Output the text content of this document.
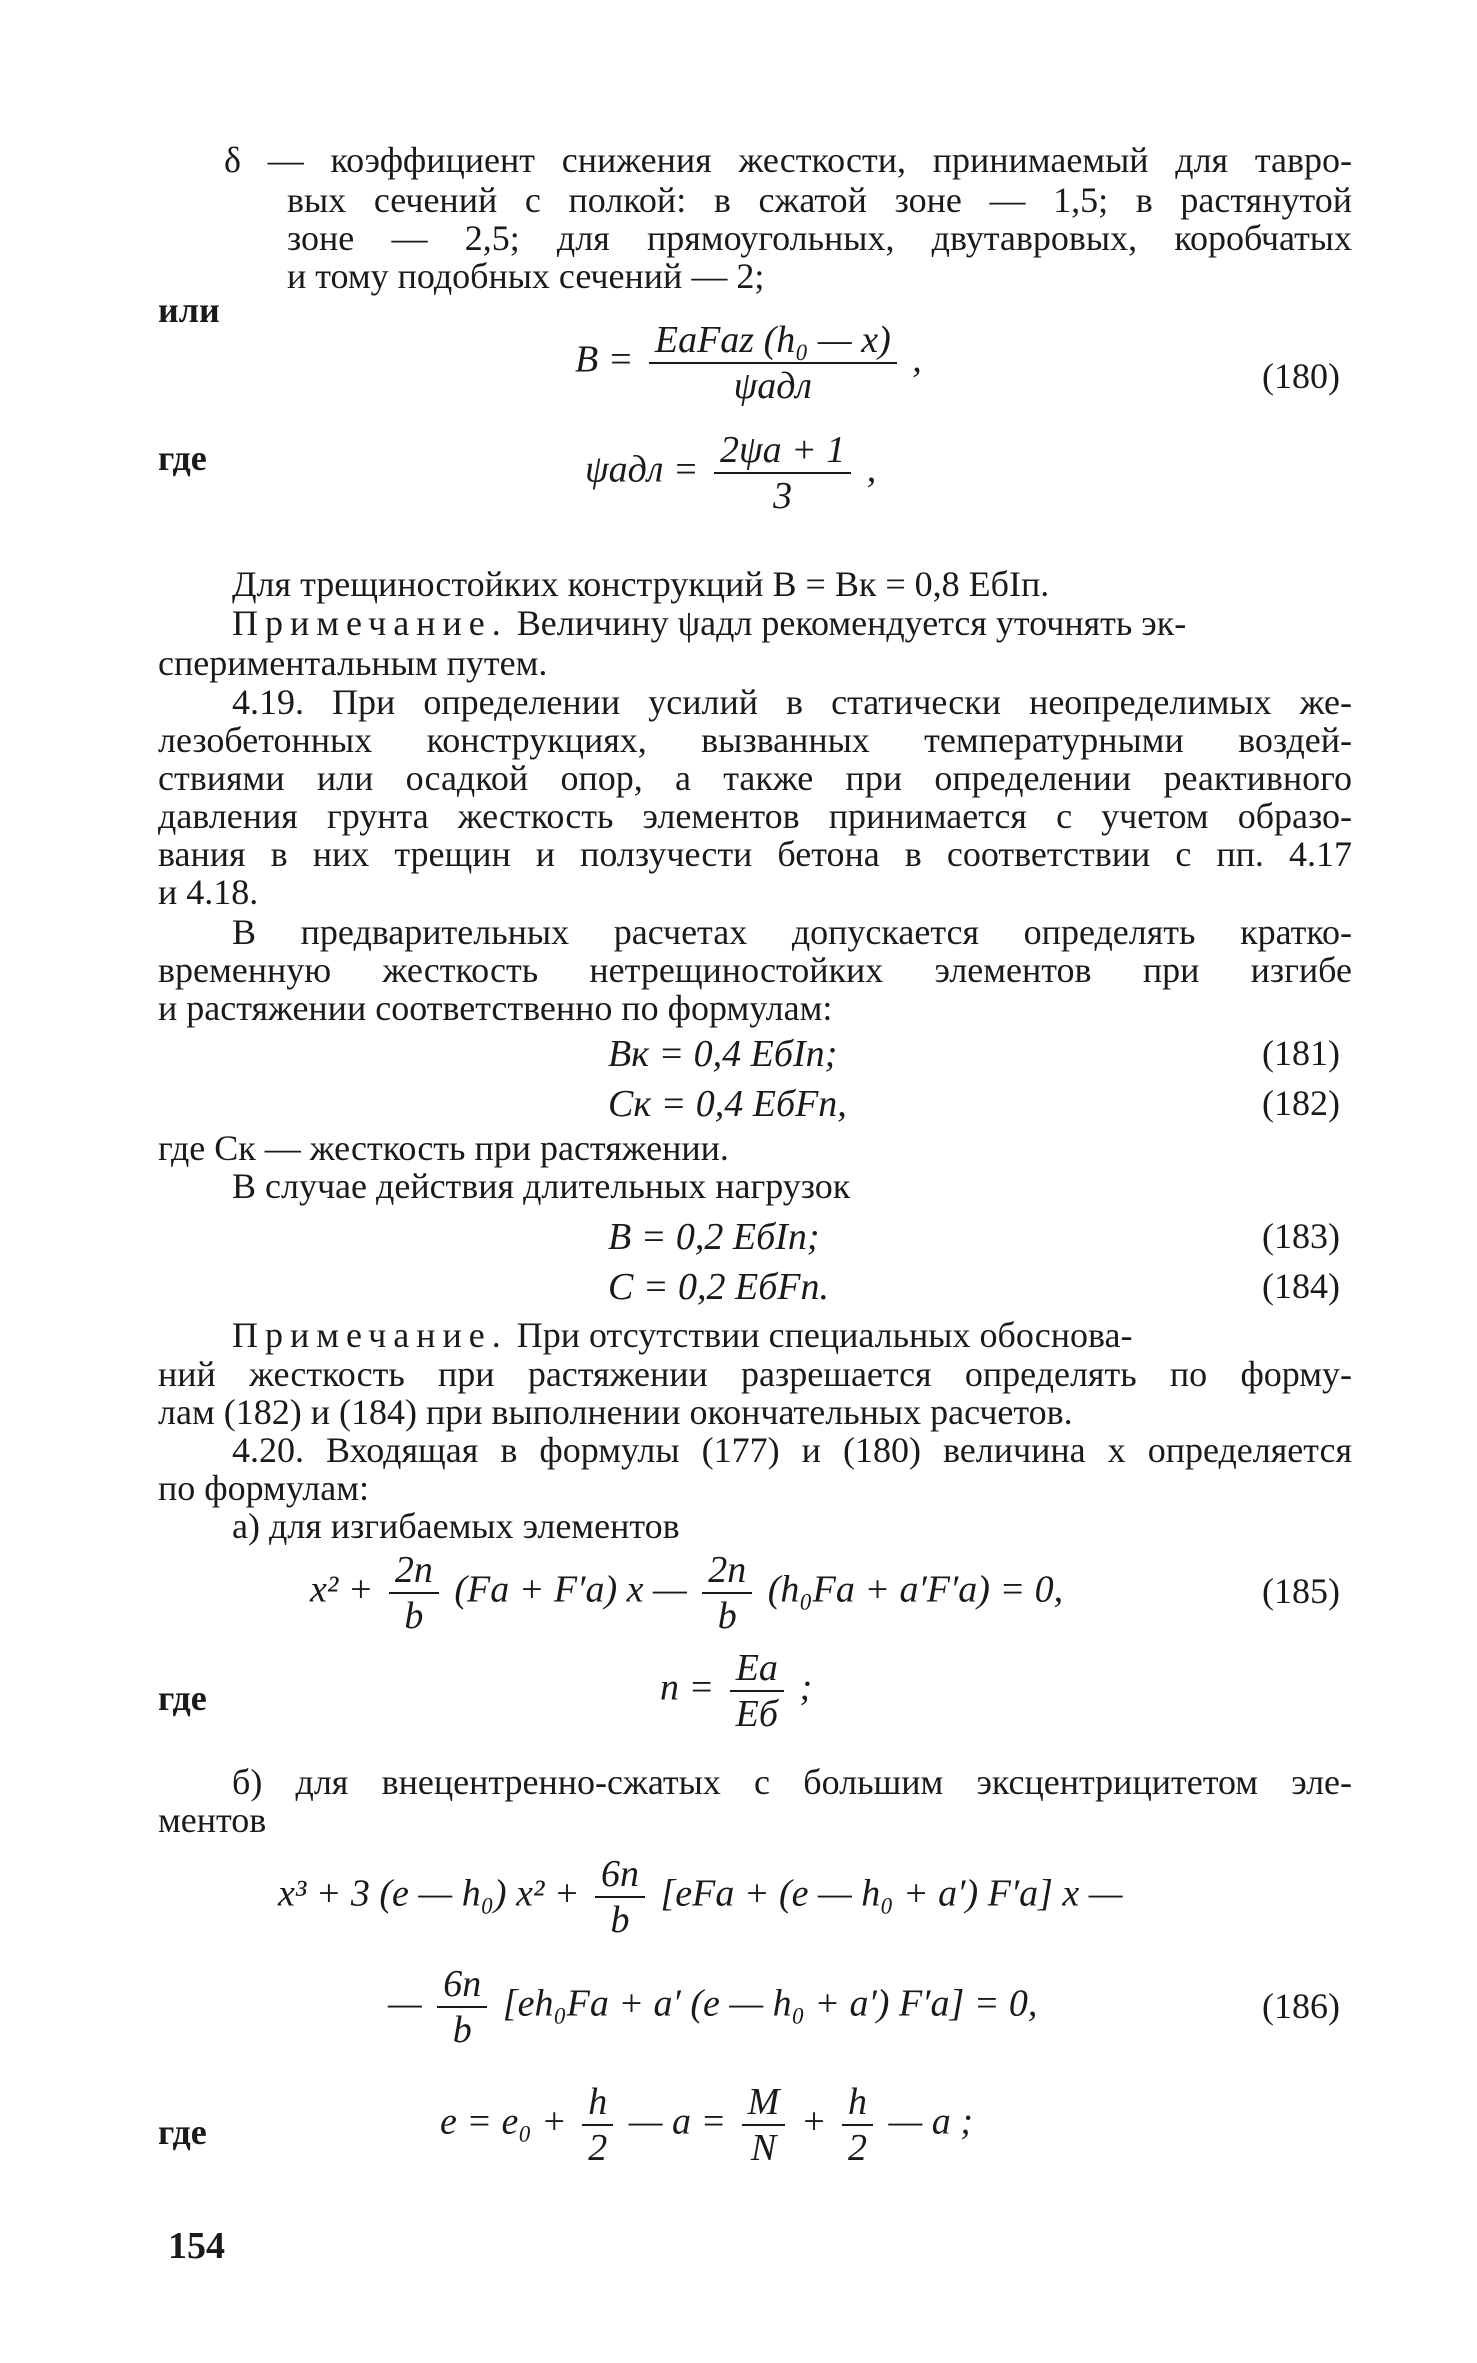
δ — коэффициент снижения жесткости, принимаемый для тавро-

вых сечений с полкой: в сжатой зоне — 1,5; в растянутой

зоне — 2,5; для прямоугольных, двутавровых, коробчатых

и тому подобных сечений — 2;

или

$B = \frac{\text{EаFаz (h₀ — x)}}{\text{ψадл}}$ ,	(180)

где	$\psi адл = \frac{2\psi а + 1}{3}$ ,

Для трещиностойких конструкций B = Bк = 0,8 EбIп.

Примечание. Величину ψадл рекомендуется уточнять эк-

спериментальным путем.

4.19. При определении усилий в статически неопределимых же-

лезобетонных конструкциях, вызванных температурными воздей-

ствиями или осадкой опор, а также при определении реактивного

давления грунта жесткость элементов принимается с учетом образо-

вания в них трещин и ползучести бетона в соответствии с пп. 4.17

и 4.18.

В предварительных расчетах допускается определять кратко-

временную жесткость нетрещиностойких элементов при изгибе

и растяжении соответственно по формулам:

Bк = 0,4 EбIп;	(181)
Cк = 0,4 EбFп,	(182)

где Cк — жесткость при растяжении.

В случае действия длительных нагрузок

B = 0,2 EбIп;	(183)
C = 0,2 EбFп.	(184)

Примечание. При отсутствии специальных обоснова-

ний жесткость при растяжении разрешается определять по форму-

лам (182) и (184) при выполнении окончательных расчетов.

4.20. Входящая в формулы (177) и (180) величина x определяется

по формулам:

а) для изгибаемых элементов

$x^2 + \frac{2n}{b} (Fа + F'а)$ x — $\frac{2n}{b} (h_0Fа + a'F'а) = 0$,	(185)

где	$n = \frac{Eа}{Eб}$ ;

б) для внецентренно-сжатых с большим эксцентрицитетом эле-

ментов

x³ + 3 (e — h₀) $x^2 + \frac{6n}{b} [eFа + (e$ — h₀ + a′) F′а] x —
— $\frac{6n}{b} [eh_0Fа + a'$ (e — h₀ + a′) F′а] = 0,	(186)

где	$e = e_0 + \frac{h}{2}$ — $a = \frac{M}{N} + \frac{h}{2}$ — a ;

154
